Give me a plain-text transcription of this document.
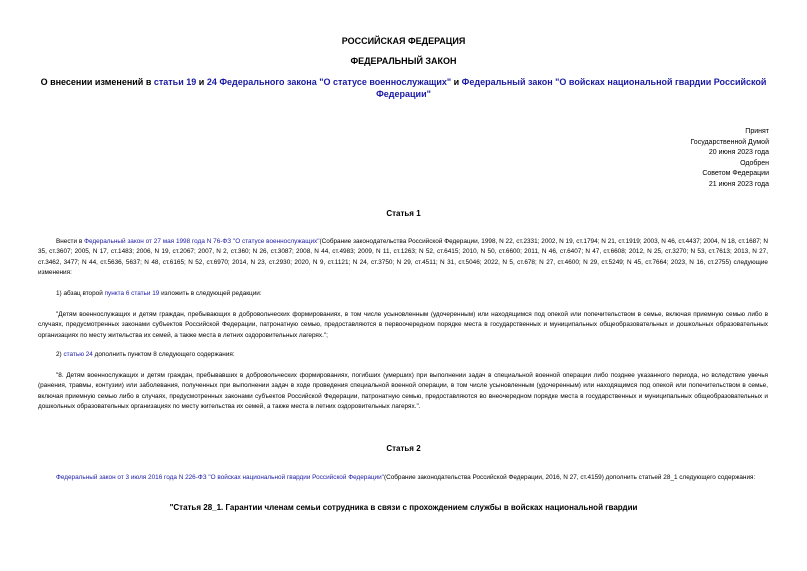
РОССИЙСКАЯ ФЕДЕРАЦИЯ
ФЕДЕРАЛЬНЫЙ ЗАКОН
О внесении изменений в статьи 19 и 24 Федерального закона "О статусе военнослужащих" и Федеральный закон "О войсках национальной гвардии Российской Федерации"
Принят
Государственной Думой
20 июня 2023 года
Одобрен
Советом Федерации
21 июня 2023 года
Статья 1
Внести в Федеральный закон от 27 мая 1998 года N 76-ФЗ "О статусе военнослужащих"(Собрание законодательства Российской Федерации, 1998, N 22, ст.2331; 2002, N 19, ст.1794; N 21, ст.1919; 2003, N 46, ст.4437; 2004, N 18, ст.1687; N 35, ст.3607; 2005, N 17, ст.1483; 2006, N 19, ст.2067; 2007, N 2, ст.360; N 26, ст.3087; 2008, N 44, ст.4983; 2009, N 11, ст.1263; N 52, ст.6415; 2010, N 50, ст.6600; 2011, N 46, ст.6407; N 47, ст.6608; 2012, N 25, ст.3270; N 53, ст.7613; 2013, N 27, ст.3462, 3477; N 44, ст.5636, 5637; N 48, ст.6165; N 52, ст.6970; 2014, N 23, ст.2930; 2020, N 9, ст.1121; N 24, ст.3750; N 29, ст.4511; N 31, ст.5046; 2022, N 5, ст.678; N 27, ст.4600; N 29, ст.5249; N 45, ст.7664; 2023, N 16, ст.2755) следующие изменения:
1) абзац второй пункта 6 статьи 19 изложить в следующей редакции:
"Детям военнослужащих и детям граждан, пребывающих в добровольческих формированиях, в том числе усыновленным (удочеренным) или находящимся под опекой или попечительством в семье, включая приемную семью либо в случаях, предусмотренных законами субъектов Российской Федерации, патронатную семью, предоставляются в первоочередном порядке места в государственных и муниципальных общеобразовательных и дошкольных образовательных организациях по месту жительства их семей, а также места в летних оздоровительных лагерях.";
2) статью 24 дополнить пунктом 8 следующего содержания:
"8. Детям военнослужащих и детям граждан, пребывавших в добровольческих формированиях, погибших (умерших) при выполнении задач в специальной военной операции либо позднее указанного периода, но вследствие увечья (ранения, травмы, контузии) или заболевания, полученных при выполнении задач в ходе проведения специальной военной операции, в том числе усыновленным (удочеренным) или находящимся под опекой или попечительством в семье, включая приемную семью либо в случаях, предусмотренных законами субъектов Российской Федерации, патронатную семью, предоставляются во внеочередном порядке места в государственных и муниципальных общеобразовательных и дошкольных образовательных организациях по месту жительства их семей, а также места в летних оздоровительных лагерях.".
Статья 2
Федеральный закон от 3 июля 2016 года N 226-ФЗ "О войсках национальной гвардии Российской Федерации"(Собрание законодательства Российской Федерации, 2016, N 27, ст.4159) дополнить статьей 28_1 следующего содержания:
"Статья 28_1. Гарантии членам семьи сотрудника в связи с прохождением службы в войсках национальной гвардии
